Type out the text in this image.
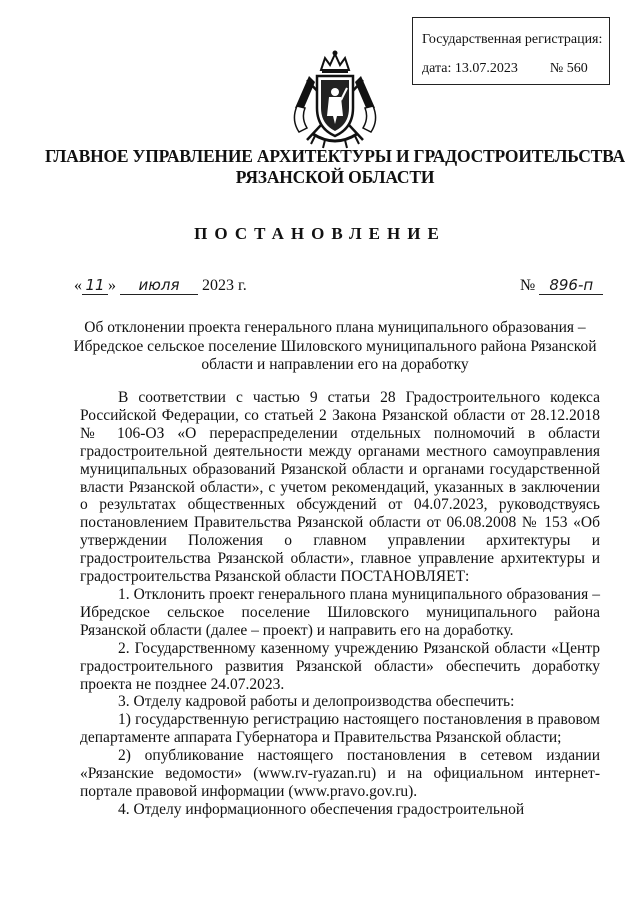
Государственная регистрация:
дата: 13.07.2023 № 560
ГЛАВНОЕ УПРАВЛЕНИЕ АРХИТЕКТУРЫ И ГРАДОСТРОИТЕЛЬСТВА
РЯЗАНСКОЙ ОБЛАСТИ
ПОСТАНОВЛЕНИЕ
« 11 » июля 2023 г.	№ 896-п
Об отклонении проекта генерального плана муниципального образования – Ибредское сельское поселение Шиловского муниципального района Рязанской области и направлении его на доработку

В соответствии с частью 9 статьи 28 Градостроительного кодекса Российской Федерации, со статьей 2 Закона Рязанской области от 28.12.2018 № 106-ОЗ «О перераспределении отдельных полномочий в области градостроительной деятельности между органами местного самоуправления муниципальных образований Рязанской области и органами государственной власти Рязанской области», с учетом рекомендаций, указанных в заключении о результатах общественных обсуждений от 04.07.2023, руководствуясь постановлением Правительства Рязанской области от 06.08.2008 № 153 «Об утверждении Положения о главном управлении архитектуры и градостроительства Рязанской области», главное управление архитектуры и градостроительства Рязанской области ПОСТАНОВЛЯЕТ:

1. Отклонить проект генерального плана муниципального образования – Ибредское сельское поселение Шиловского муниципального района Рязанской области (далее – проект) и направить его на доработку.

2. Государственному казенному учреждению Рязанской области «Центр градостроительного развития Рязанской области» обеспечить доработку проекта не позднее 24.07.2023.

3. Отделу кадровой работы и делопроизводства обеспечить:

1) государственную регистрацию настоящего постановления в правовом департаменте аппарата Губернатора и Правительства Рязанской области;

2) опубликование настоящего постановления в сетевом издании «Рязанские ведомости» (www.rv-ryazan.ru) и на официальном интернет-портале правовой информации (www.pravo.gov.ru).

4. Отделу информационного обеспечения градостроительной
